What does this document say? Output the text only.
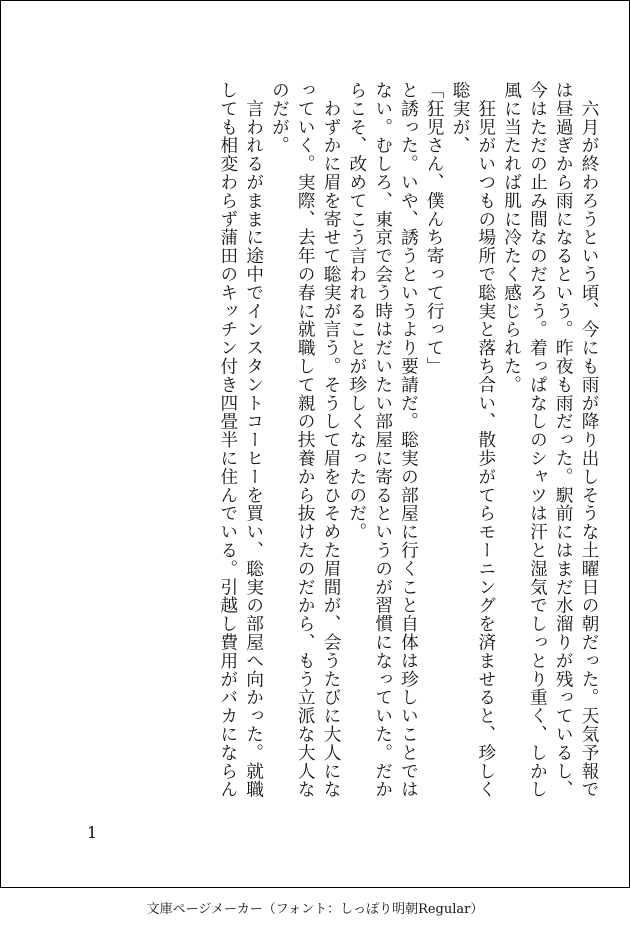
　六月が終わろうという頃、今にも雨が降り出しそうな土曜日の朝だった。天気予報では昼過ぎから雨になるという。昨夜も雨だった。駅前にはまだ水溜りが残っているし、今はただの止み間なのだろう。着っぱなしのシャツは汗と湿気でしっとり重く、しかし風に当たれば肌に冷たく感じられた。

　狂児がいつもの場所で聡実と落ち合い、散歩がてらモーニングを済ませると、珍しく聡実が、

「狂児さん、僕んち寄って行って」

と誘った。いや、誘うというより要請だ。聡実の部屋に行くこと自体は珍しいことではない。むしろ、東京で会う時はだいたい部屋に寄るというのが習慣になっていた。だからこそ、改めてこう言われることが珍しくなったのだ。

　わずかに眉を寄せて聡実が言う。そうして眉をひそめた眉間が、会うたびに大人になっていく。実際、去年の春に就職して親の扶養から抜けたのだから、もう立派な大人なのだが。

　言われるがままに途中でインスタントコーヒーを買い、聡実の部屋へ向かった。就職しても相変わらず蒲田のキッチン付き四畳半に住んでいる。引越し費用がバカにならん

1
文庫ページメーカー（フォント：しっぽり明朝Regular）
